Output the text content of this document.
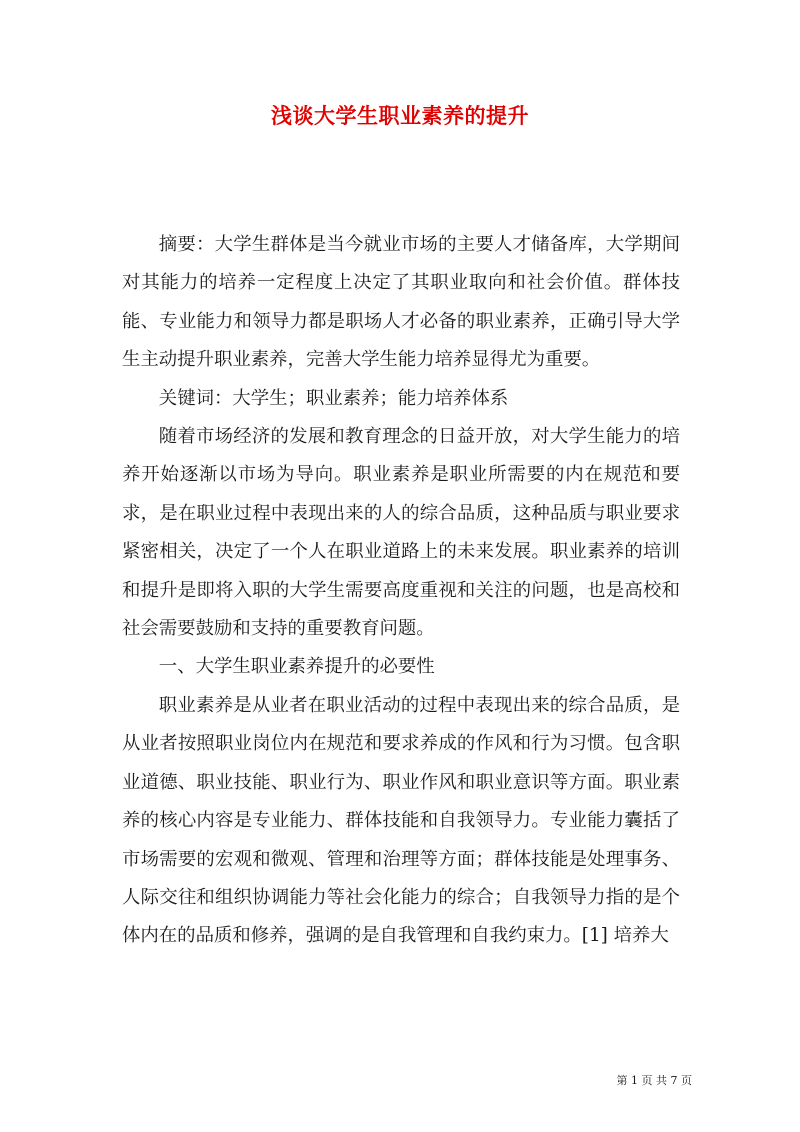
浅谈大学生职业素养的提升

摘要：大学生群体是当今就业市场的主要人才储备库，大学期间对其能力的培养一定程度上决定了其职业取向和社会价值。群体技能、专业能力和领导力都是职场人才必备的职业素养，正确引导大学生主动提升职业素养，完善大学生能力培养显得尤为重要。

关键词：大学生；职业素养；能力培养体系

随着市场经济的发展和教育理念的日益开放，对大学生能力的培养开始逐渐以市场为导向。职业素养是职业所需要的内在规范和要求，是在职业过程中表现出来的人的综合品质，这种品质与职业要求紧密相关，决定了一个人在职业道路上的未来发展。职业素养的培训和提升是即将入职的大学生需要高度重视和关注的问题，也是高校和社会需要鼓励和支持的重要教育问题。

一、大学生职业素养提升的必要性

职业素养是从业者在职业活动的过程中表现出来的综合品质，是从业者按照职业岗位内在规范和要求养成的作风和行为习惯。包含职业道德、职业技能、职业行为、职业作风和职业意识等方面。职业素养的核心内容是专业能力、群体技能和自我领导力。专业能力囊括了市场需要的宏观和微观、管理和治理等方面；群体技能是处理事务、人际交往和组织协调能力等社会化能力的综合；自我领导力指的是个体内在的品质和修养，强调的是自我管理和自我约束力。[1] 培养大

第 1 页 共 7 页
